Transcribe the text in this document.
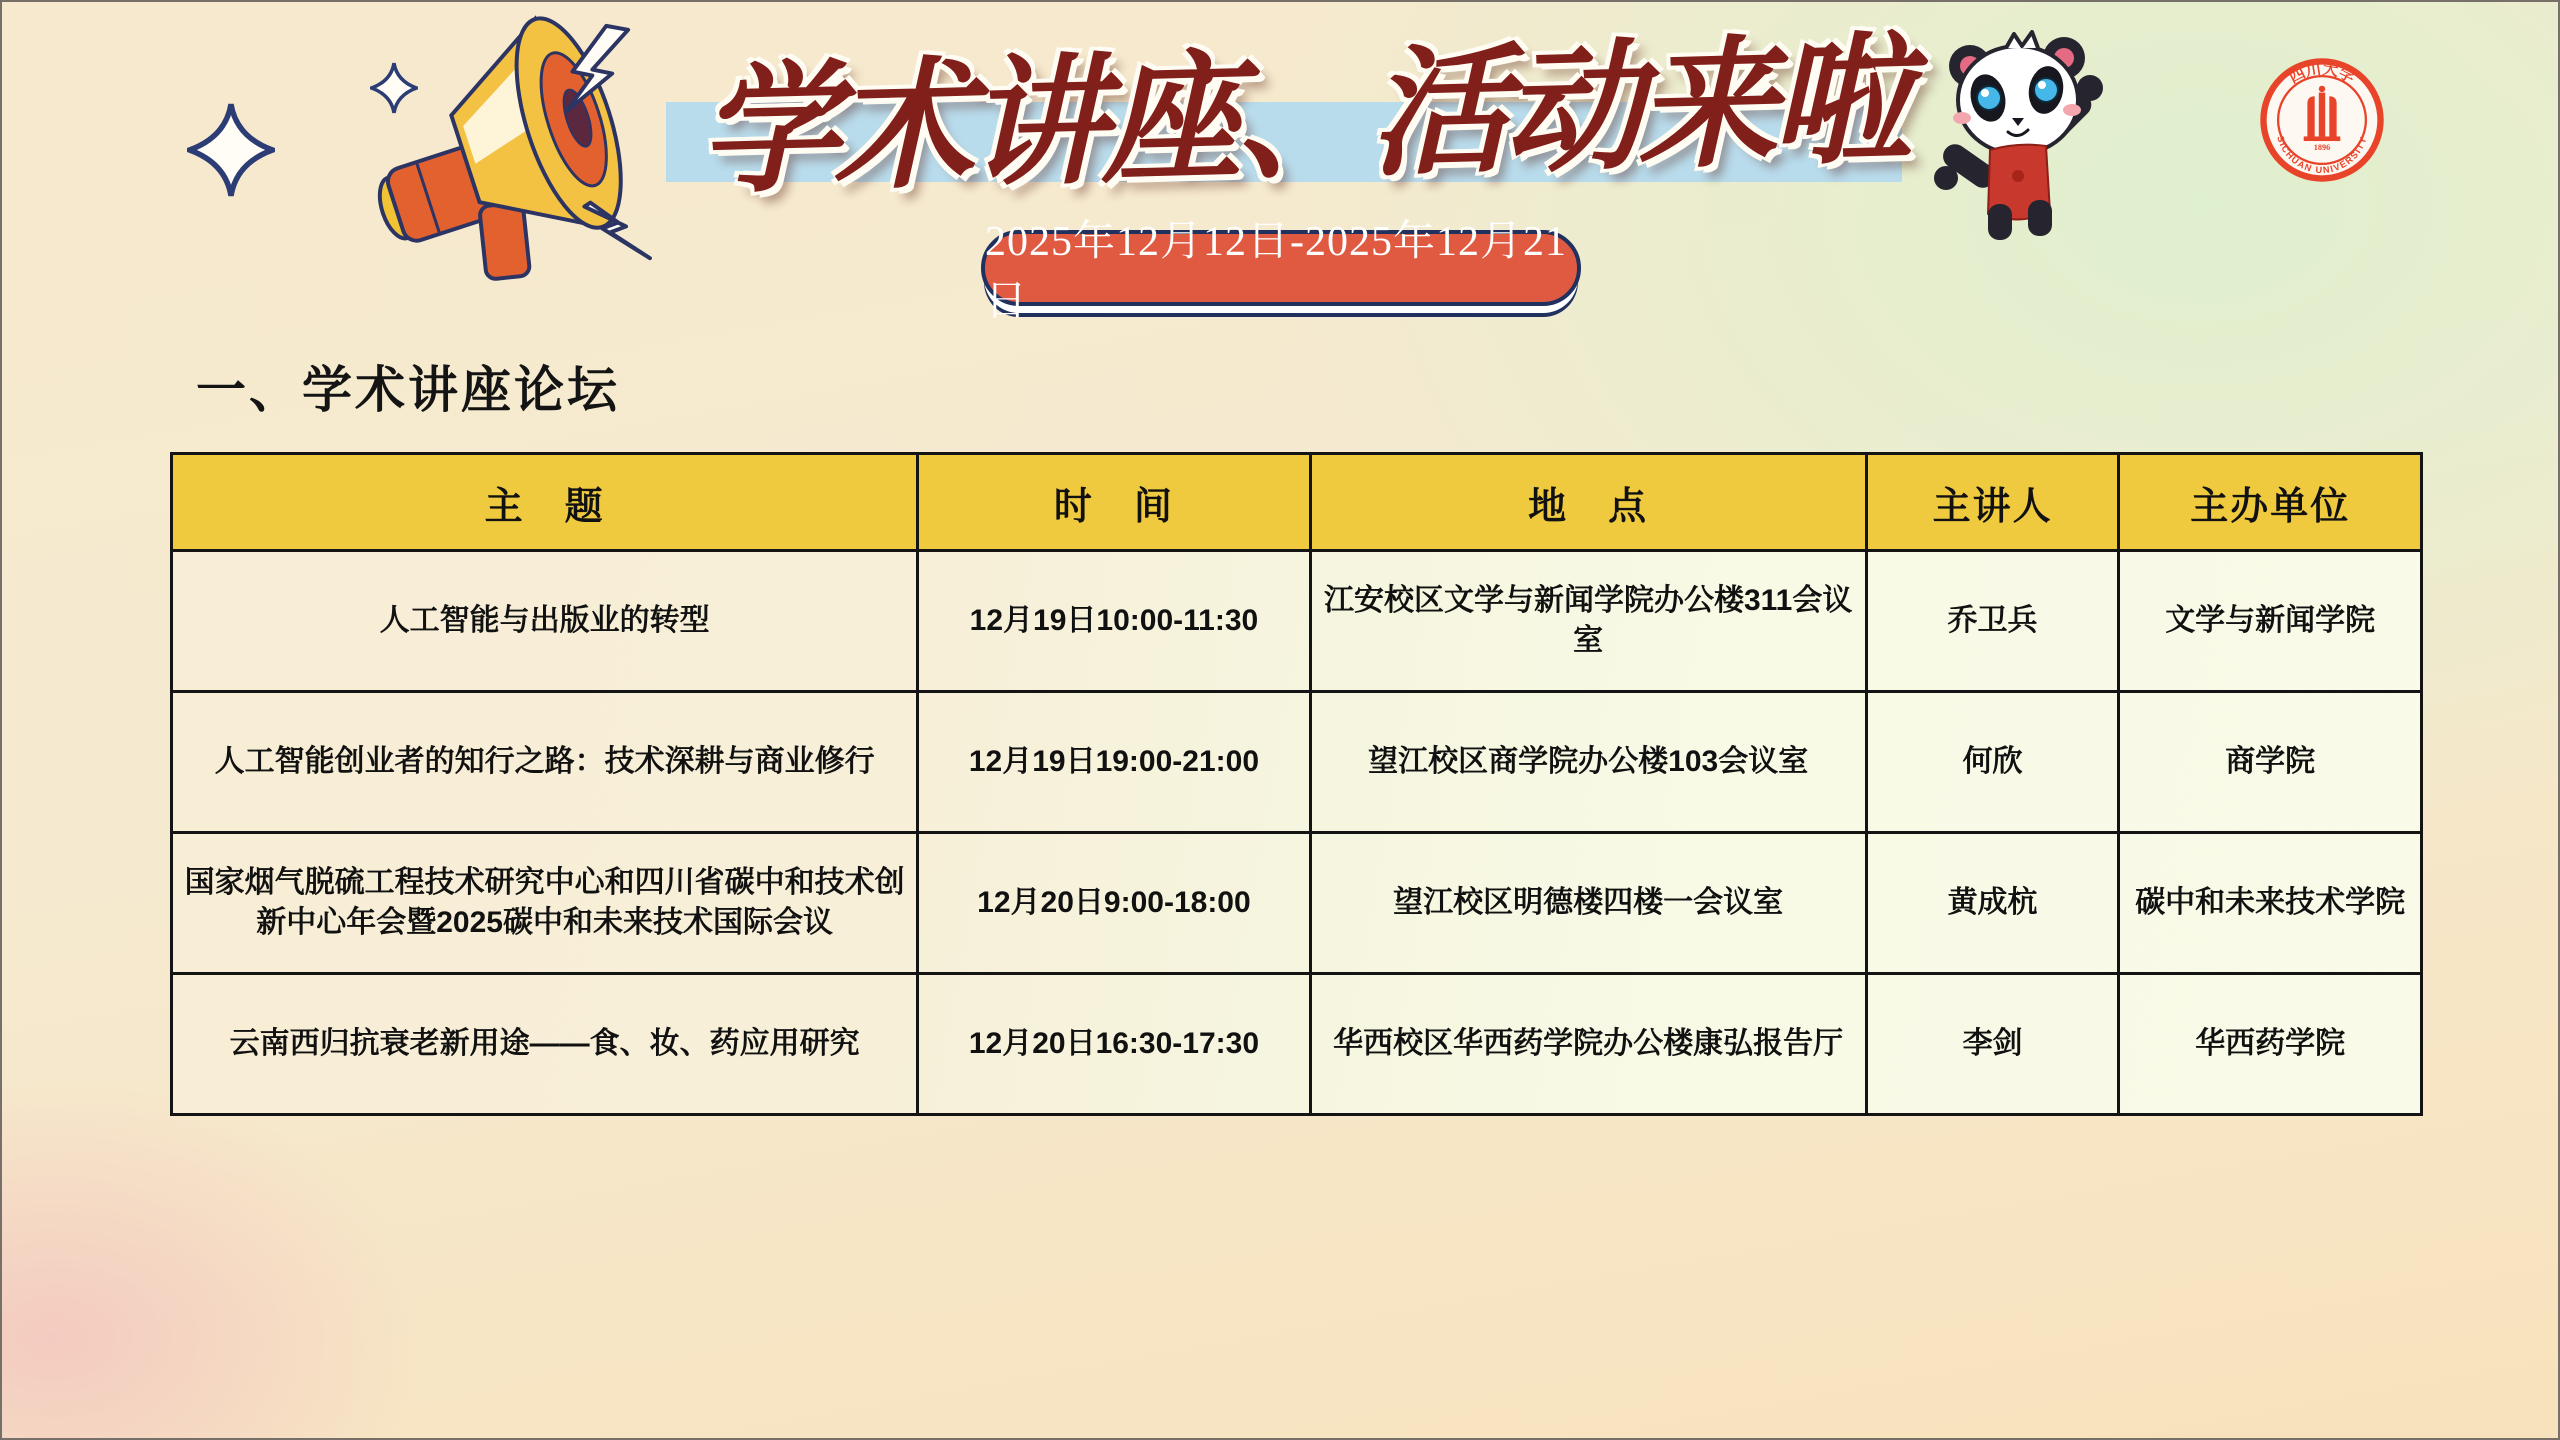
学术讲座、活动来啦
2025年12月12日-2025年12月21日
四川大学
SICHUAN UNIVERSITY
1896
一、学术讲座论坛
主　题	时　间	地　点	主讲人	主办单位
人工智能与出版业的转型	12月19日10:00-11:30	江安校区文学与新闻学院办公楼311会议室	乔卫兵	文学与新闻学院
人工智能创业者的知行之路：技术深耕与商业修行	12月19日19:00-21:00	望江校区商学院办公楼103会议室	何欣	商学院
国家烟气脱硫工程技术研究中心和四川省碳中和技术创新中心年会暨2025碳中和未来技术国际会议	12月20日9:00-18:00	望江校区明德楼四楼一会议室	黄成杭	碳中和未来技术学院
云南西归抗衰老新用途——食、妆、药应用研究	12月20日16:30-17:30	华西校区华西药学院办公楼康弘报告厅	李剑	华西药学院
